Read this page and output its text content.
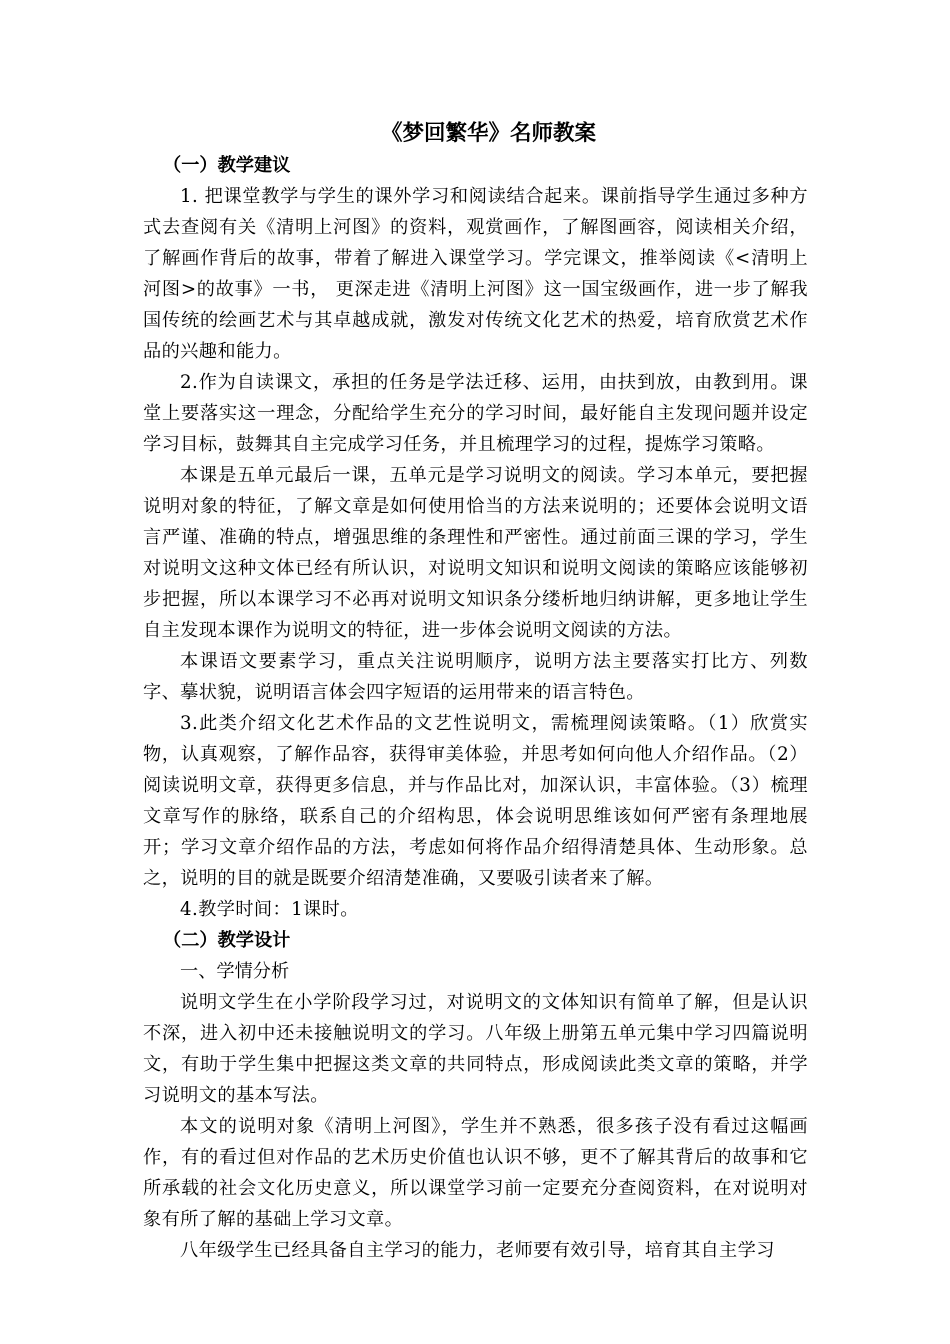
《梦回繁华》名师教案
（一）教学建议

1. 把课堂教学与学生的课外学习和阅读结合起来。课前指导学生通过多种方式去查阅有关《清明上河图》的资料，观赏画作，了解图画容，阅读相关介绍，了解画作背后的故事，带着了解进入课堂学习。学完课文，推举阅读《<清明上河图>的故事》一书， 更深走进《清明上河图》这一国宝级画作，进一步了解我国传统的绘画艺术与其卓越成就，激发对传统文化艺术的热爱，培育欣赏艺术作品的兴趣和能力。

2.作为自读课文，承担的任务是学法迁移、运用，由扶到放，由教到用。课堂上要落实这一理念，分配给学生充分的学习时间，最好能自主发现问题并设定学习目标，鼓舞其自主完成学习任务，并且梳理学习的过程，提炼学习策略。

本课是五单元最后一课，五单元是学习说明文的阅读。学习本单元，要把握说明对象的特征，了解文章是如何使用恰当的方法来说明的；还要体会说明文语言严谨、准确的特点，增强思维的条理性和严密性。通过前面三课的学习，学生对说明文这种文体已经有所认识，对说明文知识和说明文阅读的策略应该能够初步把握，所以本课学习不必再对说明文知识条分缕析地归纳讲解，更多地让学生自主发现本课作为说明文的特征，进一步体会说明文阅读的方法。

本课语文要素学习，重点关注说明顺序，说明方法主要落实打比方、列数字、摹状貌，说明语言体会四字短语的运用带来的语言特色。

3.此类介绍文化艺术作品的文艺性说明文，需梳理阅读策略。（1）欣赏实物，认真观察，了解作品容，获得审美体验，并思考如何向他人介绍作品。（2）阅读说明文章，获得更多信息，并与作品比对，加深认识，丰富体验。（3）梳理文章写作的脉络，联系自己的介绍构思，体会说明思维该如何严密有条理地展开；学习文章介绍作品的方法，考虑如何将作品介绍得清楚具体、生动形象。总之，说明的目的就是既要介绍清楚准确，又要吸引读者来了解。

4.教学时间：1课时。

（二）教学设计

一、学情分析

说明文学生在小学阶段学习过，对说明文的文体知识有简单了解，但是认识不深，进入初中还未接触说明文的学习。八年级上册第五单元集中学习四篇说明文，有助于学生集中把握这类文章的共同特点，形成阅读此类文章的策略，并学习说明文的基本写法。

本文的说明对象《清明上河图》，学生并不熟悉，很多孩子没有看过这幅画作，有的看过但对作品的艺术历史价值也认识不够，更不了解其背后的故事和它所承载的社会文化历史意义，所以课堂学习前一定要充分查阅资料，在对说明对象有所了解的基础上学习文章。

八年级学生已经具备自主学习的能力，老师要有效引导，培育其自主学习
